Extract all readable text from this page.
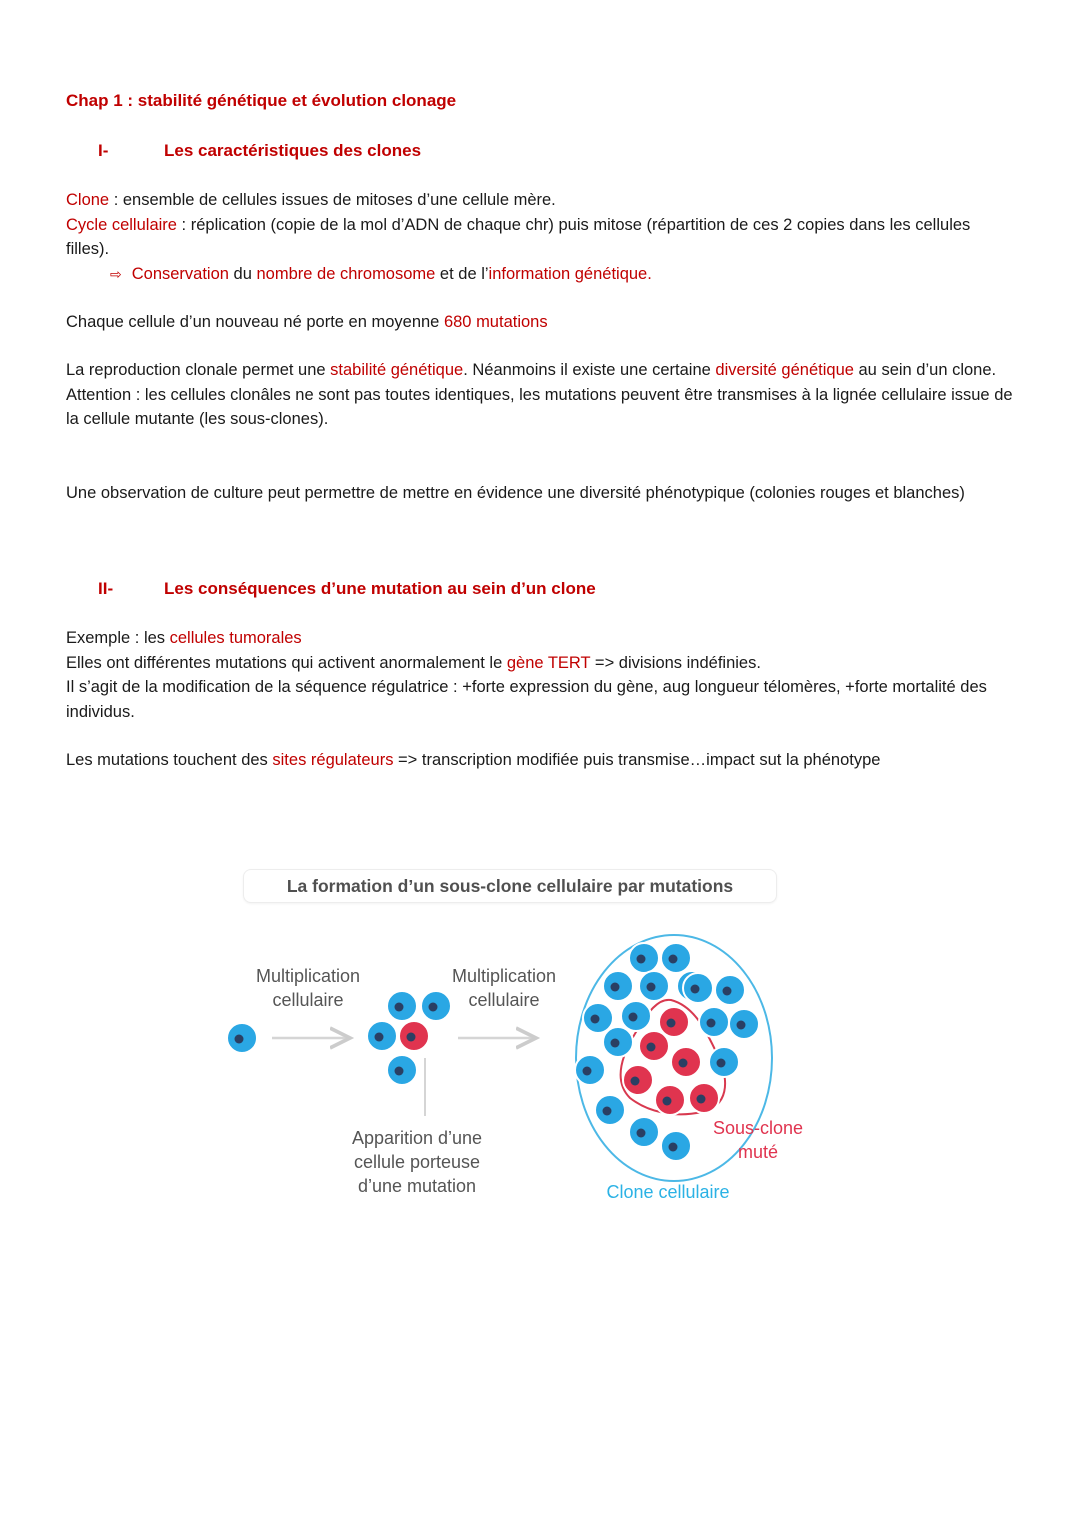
Chap 1 : stabilité génétique et évolution clonage
I-	Les caractéristiques des clones

Clone : ensemble de cellules issues de mitoses d’une cellule mère.

Cycle cellulaire : réplication (copie de la mol d’ADN de chaque chr) puis mitose (répartition de ces 2 copies dans les cellules filles).

⇨ Conservation du nombre de chromosome et de l’information génétique.

Chaque cellule d’un nouveau né porte en moyenne 680 mutations

La reproduction clonale permet une stabilité génétique. Néanmoins il existe une certaine diversité génétique au sein d’un clone.

Attention : les cellules clonâles ne sont pas toutes identiques, les mutations peuvent être transmises à la lignée cellulaire issue de la cellule mutante (les sous-clones).

Une observation de culture peut permettre de mettre en évidence une diversité phénotypique (colonies rouges et blanches)

II-	Les conséquences d’une mutation au sein d’un clone

Exemple : les cellules tumorales

Elles ont différentes mutations qui activent anormalement le gène TERT => divisions indéfinies.

Il s’agit de la modification de la séquence régulatrice : +forte expression du gène, aug longueur télomères, +forte mortalité des individus.

Les mutations touchent des sites régulateurs => transcription modifiée puis transmise…impact sut la phénotype

La formation d’un sous-clone cellulaire par mutations
Multiplication
cellulaire
Multiplication
cellulaire
Apparition d’une
cellule porteuse
d’une mutation
Sous-clone
muté
Clone cellulaire
